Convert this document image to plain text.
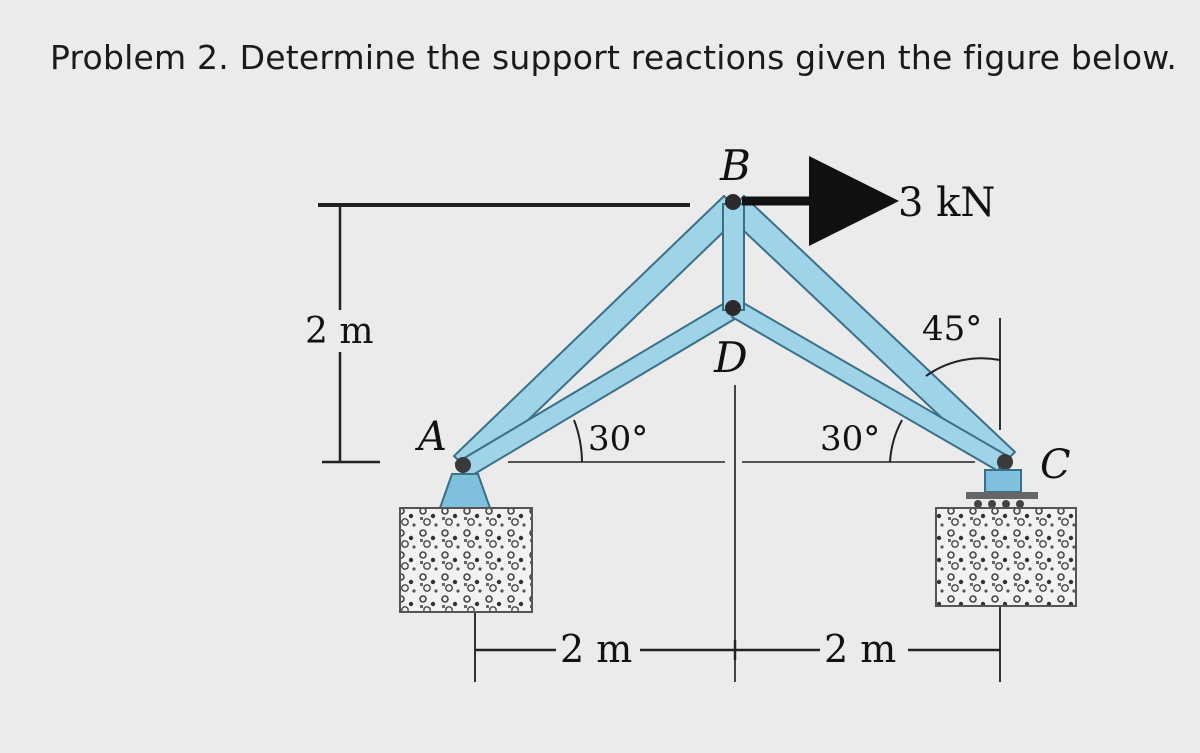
Problem 2. Determine the support reactions given the figure below.
2 m
3 kN
B
D
A
C
30°	30°
45°
2 m	2 m
